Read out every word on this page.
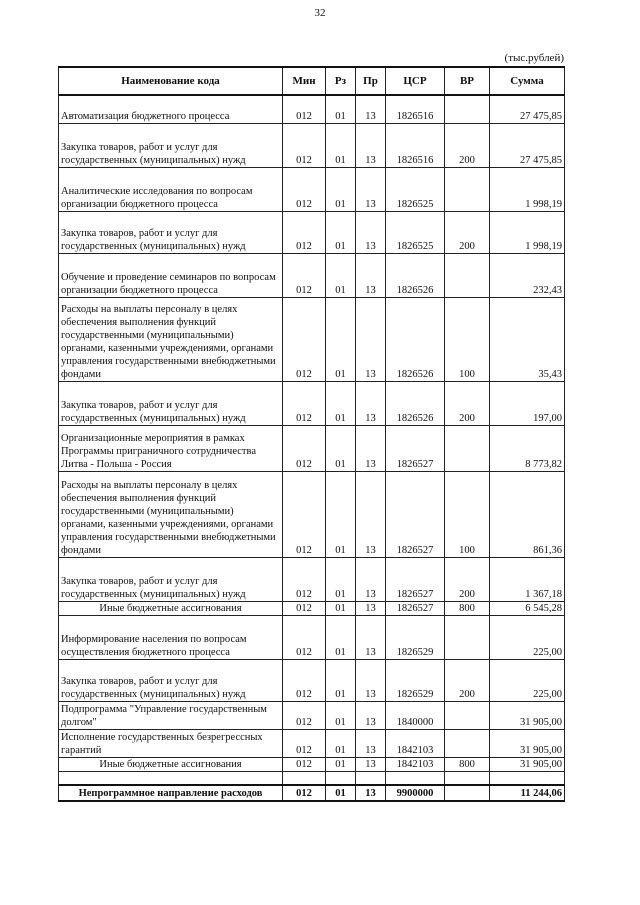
32
(тыс.рублей)
Наименование кода	Мин	Рз	Пр	ЦСР	ВР	Сумма
Автоматизация бюджетного процесса	012	01	13	1826516		27 475,85
Закупка товаров, работ и услуг для государственных (муниципальных) нужд	012	01	13	1826516	200	27 475,85
Аналитические исследования по вопросам организации бюджетного процесса	012	01	13	1826525		1 998,19
Закупка товаров, работ и услуг для государственных (муниципальных) нужд	012	01	13	1826525	200	1 998,19
Обучение и проведение семинаров по вопросам организации бюджетного процесса	012	01	13	1826526		232,43
Расходы на выплаты персоналу в целях обеспечения выполнения функций государственными (муниципальными) органами, казенными учреждениями, органами управления государственными внебюджетными фондами	012	01	13	1826526	100	35,43
Закупка товаров, работ и услуг для государственных (муниципальных) нужд	012	01	13	1826526	200	197,00
Организационные мероприятия в рамках Программы приграничного сотрудничества Литва - Польша - Россия	012	01	13	1826527		8 773,82
Расходы на выплаты персоналу в целях обеспечения выполнения функций государственными (муниципальными) органами, казенными учреждениями, органами управления государственными внебюджетными фондами	012	01	13	1826527	100	861,36
Закупка товаров, работ и услуг для государственных (муниципальных) нужд	012	01	13	1826527	200	1 367,18
Иные бюджетные ассигнования	012	01	13	1826527	800	6 545,28
Информирование населения по вопросам осуществления бюджетного процесса	012	01	13	1826529		225,00
Закупка товаров, работ и услуг для государственных (муниципальных) нужд	012	01	13	1826529	200	225,00
Подпрограмма "Управление государственным долгом"	012	01	13	1840000		31 905,00
Исполнение государственных безрегрессных гарантий	012	01	13	1842103		31 905,00
Иные бюджетные ассигнования	012	01	13	1842103	800	31 905,00

Непрограммное направление расходов	012	01	13	9900000		11 244,06
